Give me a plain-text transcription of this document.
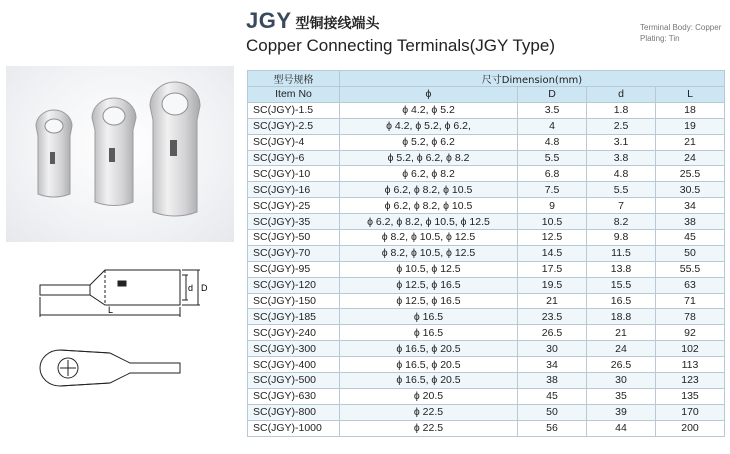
JGY 型铜接线端头
Copper Connecting Terminals(JGY Type)
Terminal Body: Copper
Plating: Tin
d D
L
型号规格	尺寸Dimension(mm)			
Item No	ϕ	D	d	L
SC(JGY)-1.5	ϕ 4.2, ϕ 5.2	3.5	1.8	18
SC(JGY)-2.5	ϕ 4.2, ϕ 5.2, ϕ 6.2,	4	2.5	19
SC(JGY)-4	ϕ 5.2, ϕ 6.2	4.8	3.1	21
SC(JGY)-6	ϕ 5.2, ϕ 6.2, ϕ 8.2	5.5	3.8	24
SC(JGY)-10	ϕ 6.2, ϕ 8.2	6.8	4.8	25.5
SC(JGY)-16	ϕ 6.2, ϕ 8.2, ϕ 10.5	7.5	5.5	30.5
SC(JGY)-25	ϕ 6.2, ϕ 8.2, ϕ 10.5	9	7	34
SC(JGY)-35	ϕ 6.2, ϕ 8.2, ϕ 10.5, ϕ 12.5	10.5	8.2	38
SC(JGY)-50	ϕ 8.2, ϕ 10.5, ϕ 12.5	12.5	9.8	45
SC(JGY)-70	ϕ 8.2, ϕ 10.5, ϕ 12.5	14.5	11.5	50
SC(JGY)-95	ϕ 10.5, ϕ 12.5	17.5	13.8	55.5
SC(JGY)-120	ϕ 12.5, ϕ 16.5	19.5	15.5	63
SC(JGY)-150	ϕ 12.5, ϕ 16.5	21	16.5	71
SC(JGY)-185	ϕ 16.5	23.5	18.8	78
SC(JGY)-240	ϕ 16.5	26.5	21	92
SC(JGY)-300	ϕ 16.5, ϕ 20.5	30	24	102
SC(JGY)-400	ϕ 16.5, ϕ 20.5	34	26.5	113
SC(JGY)-500	ϕ 16.5, ϕ 20.5	38	30	123
SC(JGY)-630	ϕ 20.5	45	35	135
SC(JGY)-800	ϕ 22.5	50	39	170
SC(JGY)-1000	ϕ 22.5	56	44	200
